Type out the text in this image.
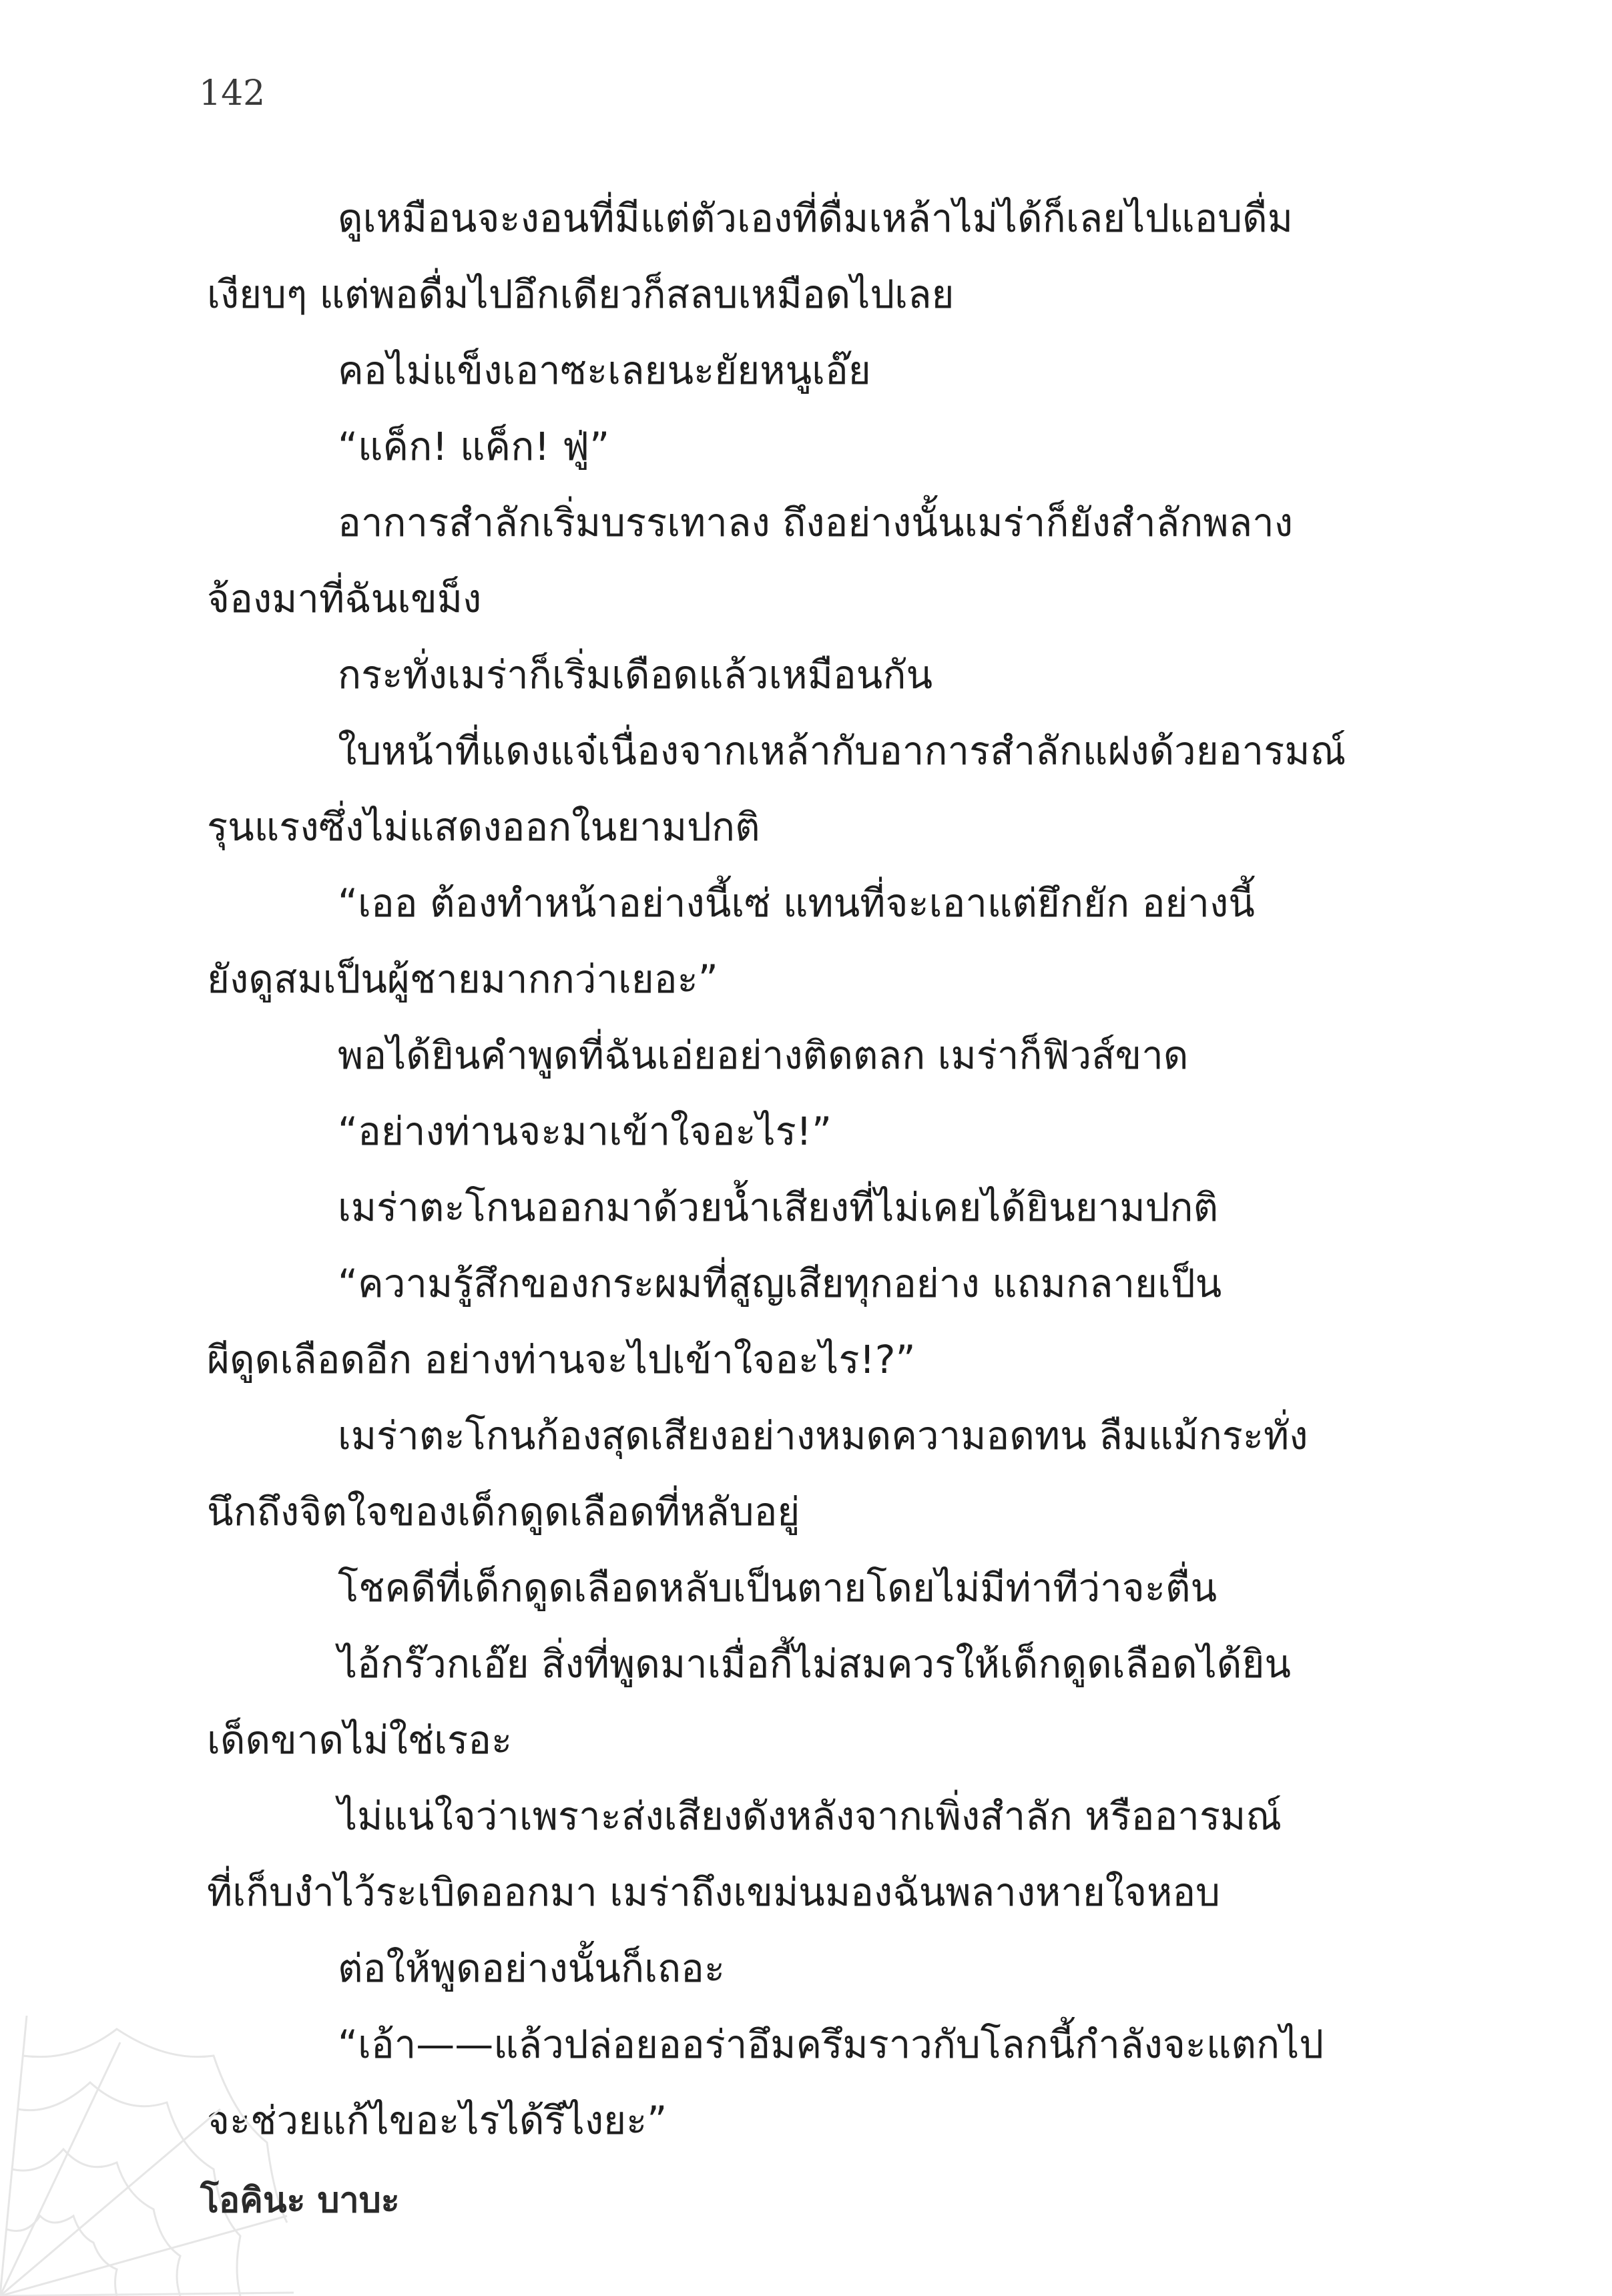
142
ดูเหมือนจะงอนที่มีแต่ตัวเองที่ดื่มเหล้าไม่ได้ก็เลยไปแอบดื่ม
เงียบๆ แต่พอดื่มไปอึกเดียวก็สลบเหมือดไปเลย
คอไม่แข็งเอาซะเลยนะยัยหนูเอ๊ย
“แค็ก! แค็ก! ฟู่”
อาการสำลักเริ่มบรรเทาลง ถึงอย่างนั้นเมร่าก็ยังสำลักพลาง
จ้องมาที่ฉันเขม็ง
กระทั่งเมร่าก็เริ่มเดือดแล้วเหมือนกัน
ใบหน้าที่แดงแจ๋เนื่องจากเหล้ากับอาการสำลักแฝงด้วยอารมณ์
รุนแรงซึ่งไม่แสดงออกในยามปกติ
“เออ ต้องทำหน้าอย่างนี้เซ่ แทนที่จะเอาแต่ยึกยัก อย่างนี้
ยังดูสมเป็นผู้ชายมากกว่าเยอะ”
พอได้ยินคำพูดที่ฉันเอ่ยอย่างติดตลก เมร่าก็ฟิวส์ขาด
“อย่างท่านจะมาเข้าใจอะไร!”
เมร่าตะโกนออกมาด้วยน้ำเสียงที่ไม่เคยได้ยินยามปกติ
“ความรู้สึกของกระผมที่สูญเสียทุกอย่าง แถมกลายเป็น
ผีดูดเลือดอีก อย่างท่านจะไปเข้าใจอะไร!?”
เมร่าตะโกนก้องสุดเสียงอย่างหมดความอดทน ลืมแม้กระทั่ง
นึกถึงจิตใจของเด็กดูดเลือดที่หลับอยู่
โชคดีที่เด็กดูดเลือดหลับเป็นตายโดยไม่มีท่าทีว่าจะตื่น
ไอ้กร๊วกเอ๊ย สิ่งที่พูดมาเมื่อกี้ไม่สมควรให้เด็กดูดเลือดได้ยิน
เด็ดขาดไม่ใช่เรอะ
ไม่แน่ใจว่าเพราะส่งเสียงดังหลังจากเพิ่งสำลัก หรืออารมณ์
ที่เก็บงำไว้ระเบิดออกมา เมร่าถึงเขม่นมองฉันพลางหายใจหอบ
ต่อให้พูดอย่างนั้นก็เถอะ
“เอ้า——แล้วปล่อยออร่าอึมครึมราวกับโลกนี้กำลังจะแตกไป
จะช่วยแก้ไขอะไรได้รึไงยะ”
โอคินะ บาบะ
